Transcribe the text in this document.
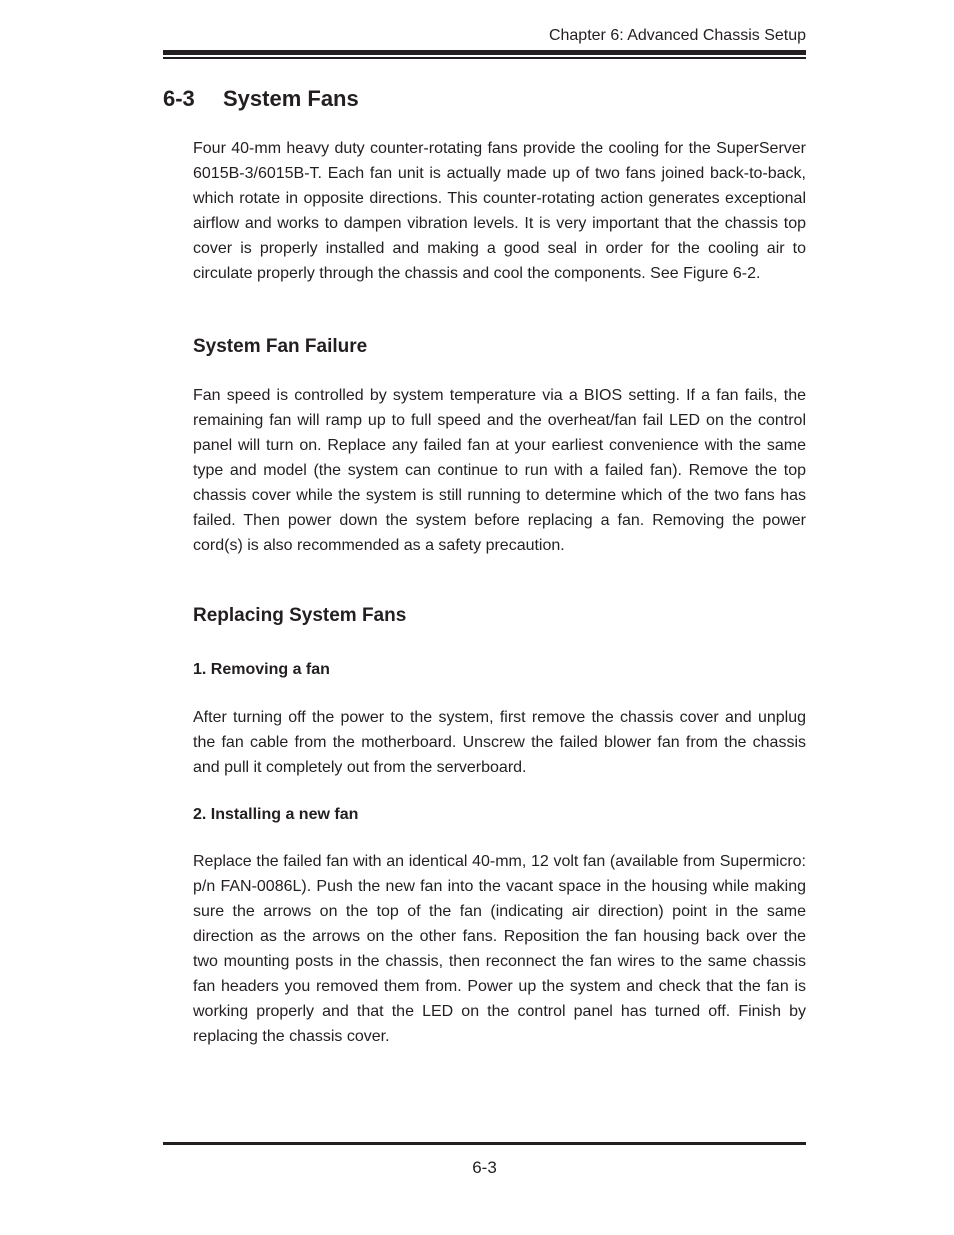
Chapter 6: Advanced Chassis Setup
6-3 System Fans

Four 40-mm heavy duty counter-rotating fans provide the cooling for the SuperServer 6015B-3/6015B-T. Each fan unit is actually made up of two fans joined back-to-back, which rotate in opposite directions. This counter-rotating action generates exceptional airflow and works to dampen vibration levels. It is very important that the chassis top cover is properly installed and making a good seal in order for the cooling air to circulate properly through the chassis and cool the components. See Figure 6-2.

System Fan Failure

Fan speed is controlled by system temperature via a BIOS setting. If a fan fails, the remaining fan will ramp up to full speed and the overheat/fan fail LED on the control panel will turn on. Replace any failed fan at your earliest convenience with the same type and model (the system can continue to run with a failed fan). Remove the top chassis cover while the system is still running to determine which of the two fans has failed. Then power down the system before replacing a fan. Removing the power cord(s) is also recommended as a safety precaution.

Replacing System Fans
1. Removing a fan

After turning off the power to the system, first remove the chassis cover and unplug the fan cable from the motherboard. Unscrew the failed blower fan from the chassis and pull it completely out from the serverboard.

2. Installing a new fan

Replace the failed fan with an identical 40-mm, 12 volt fan (available from Supermicro: p/n FAN-0086L). Push the new fan into the vacant space in the housing while making sure the arrows on the top of the fan (indicating air direction) point in the same direction as the arrows on the other fans. Reposition the fan housing back over the two mounting posts in the chassis, then reconnect the fan wires to the same chassis fan headers you removed them from. Power up the system and check that the fan is working properly and that the LED on the control panel has turned off. Finish by replacing the chassis cover.

6-3
